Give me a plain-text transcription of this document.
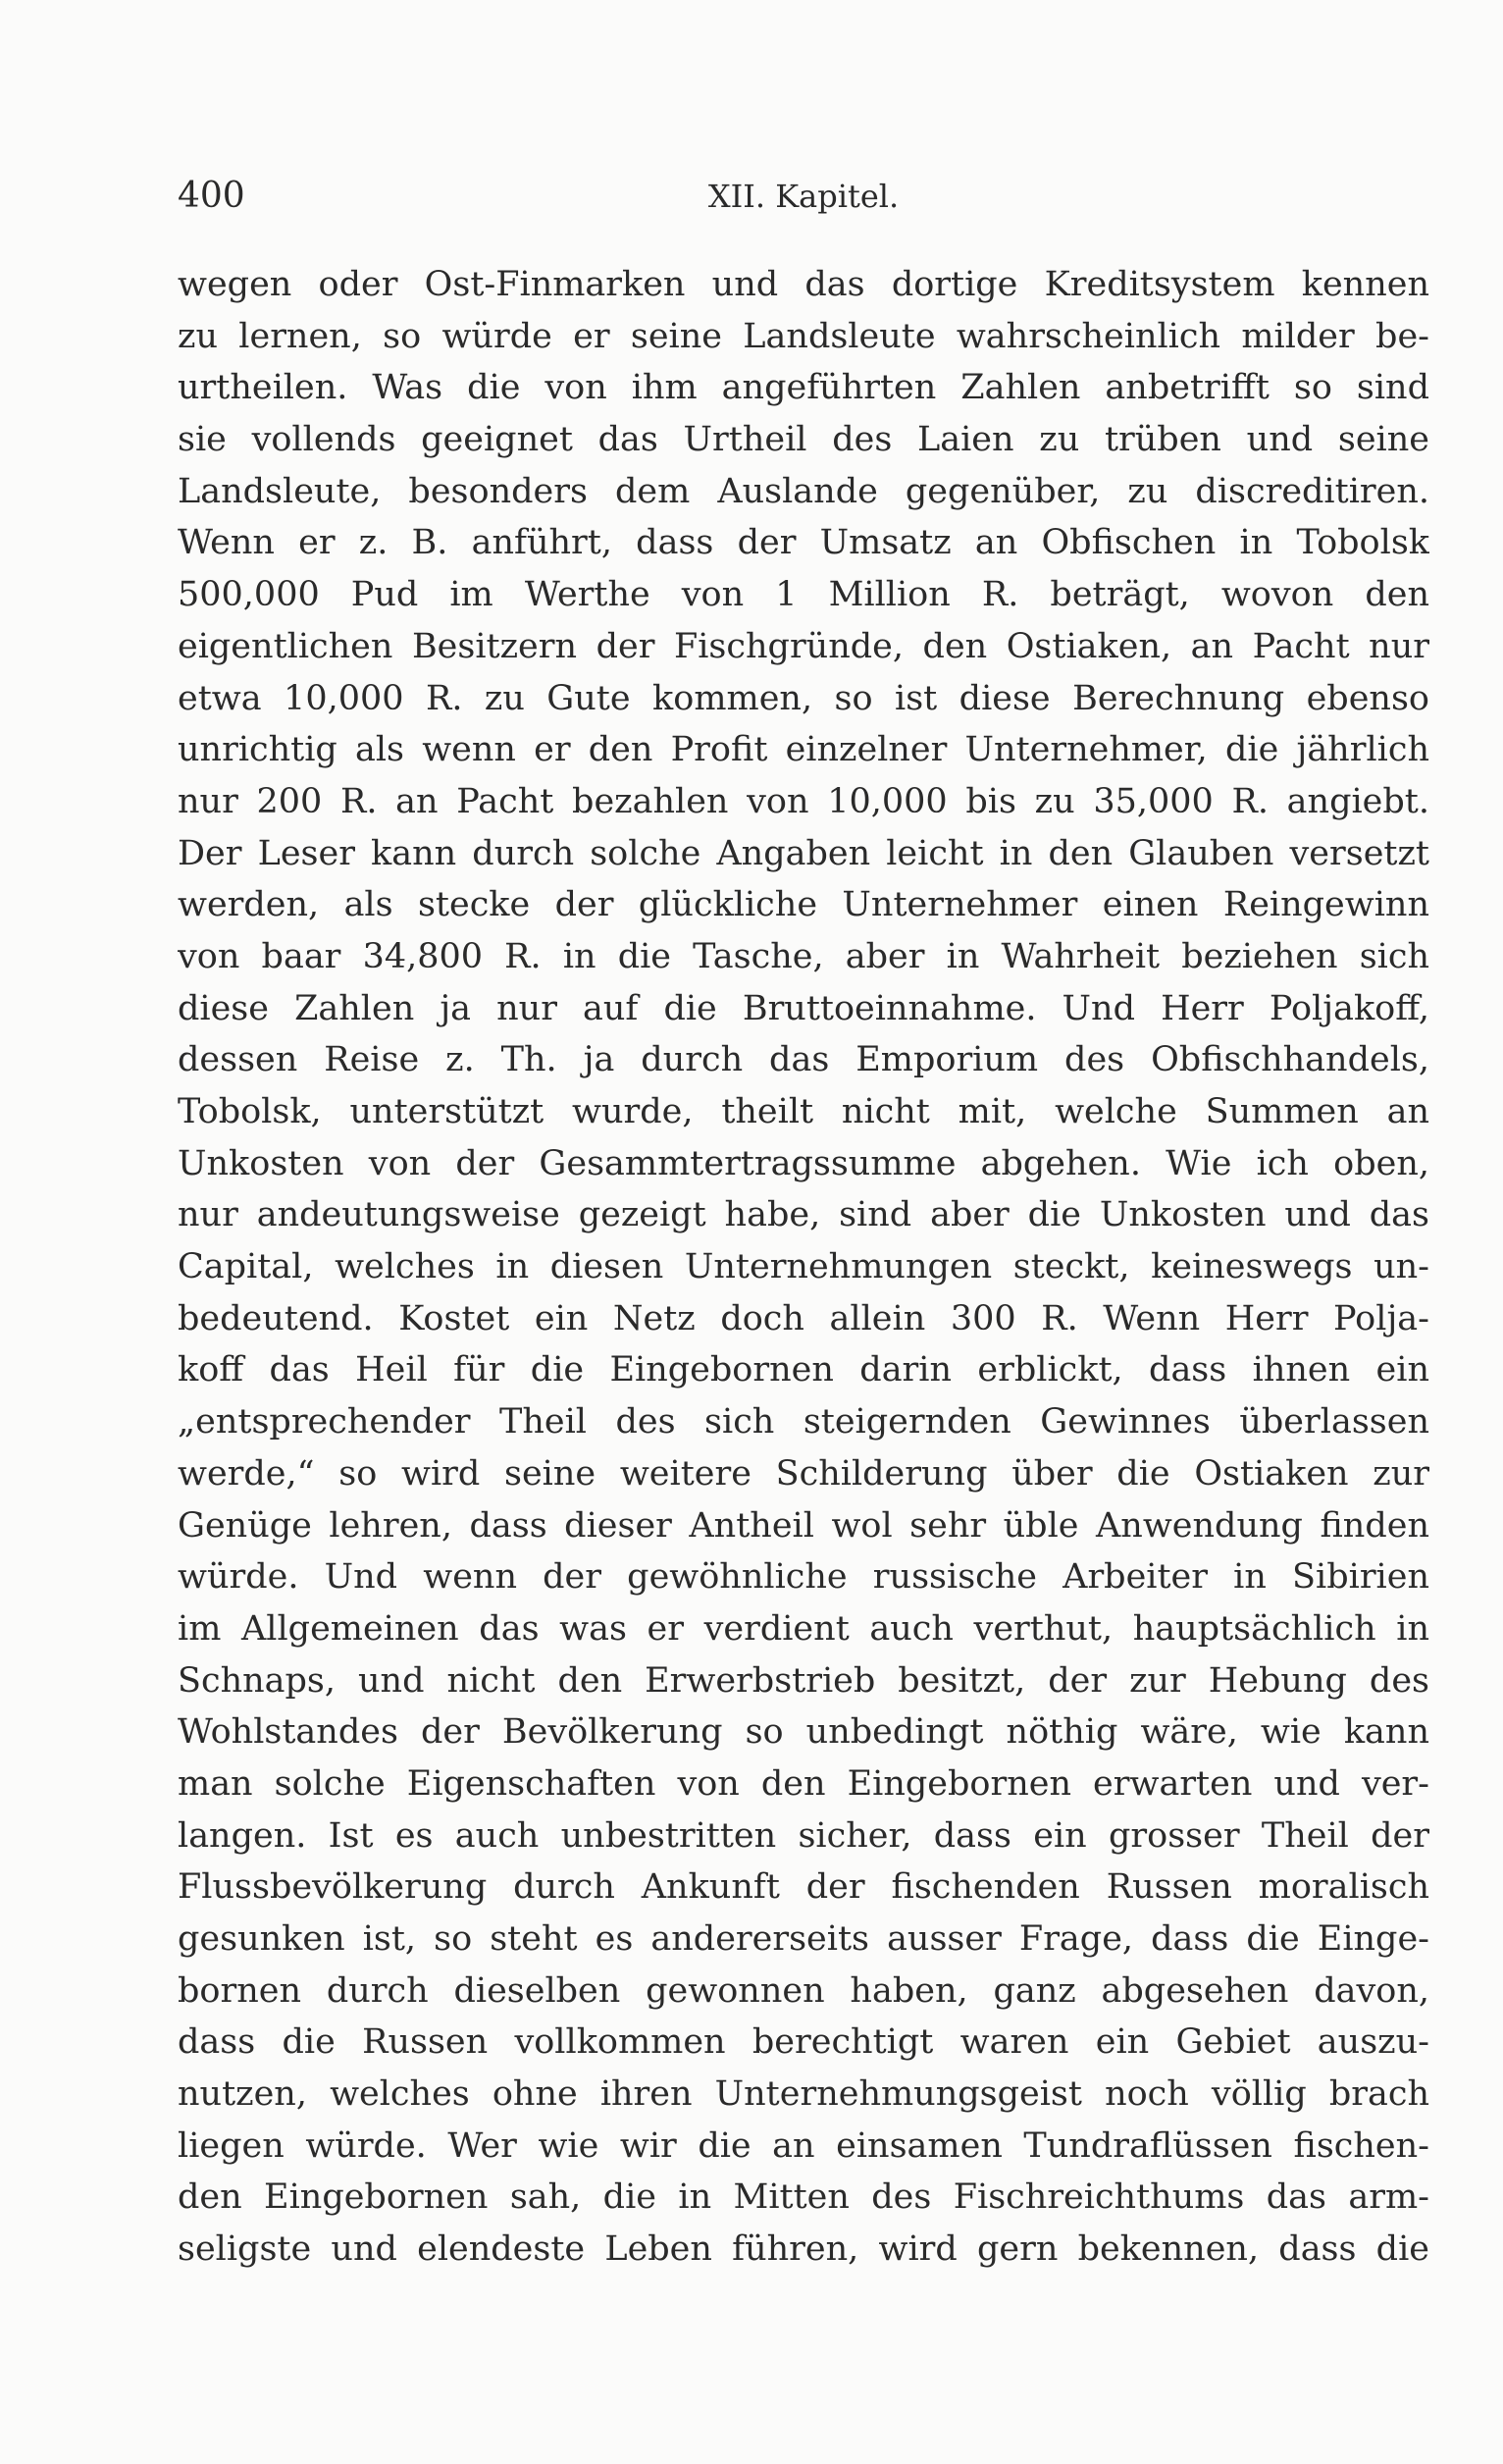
400	XII. Kapitel.
wegen oder Ost-Finmarken und das dortige Kreditsystem kennen
zu lernen, so würde er seine Landsleute wahrscheinlich milder be-
urtheilen. Was die von ihm angeführten Zahlen anbetrifft so sind
sie vollends geeignet das Urtheil des Laien zu trüben und seine
Landsleute, besonders dem Auslande gegenüber, zu discreditiren.
Wenn er z. B. anführt, dass der Umsatz an Obfischen in Tobolsk
500,000 Pud im Werthe von 1 Million R. beträgt, wovon den
eigentlichen Besitzern der Fischgründe, den Ostiaken, an Pacht nur
etwa 10,000 R. zu Gute kommen, so ist diese Berechnung ebenso
unrichtig als wenn er den Profit einzelner Unternehmer, die jährlich
nur 200 R. an Pacht bezahlen von 10,000 bis zu 35,000 R. angiebt.
Der Leser kann durch solche Angaben leicht in den Glauben versetzt
werden, als stecke der glückliche Unternehmer einen Reingewinn
von baar 34,800 R. in die Tasche, aber in Wahrheit beziehen sich
diese Zahlen ja nur auf die Bruttoeinnahme. Und Herr Poljakoff,
dessen Reise z. Th. ja durch das Emporium des Obfischhandels,
Tobolsk, unterstützt wurde, theilt nicht mit, welche Summen an
Unkosten von der Gesammtertragssumme abgehen. Wie ich oben,
nur andeutungsweise gezeigt habe, sind aber die Unkosten und das
Capital, welches in diesen Unternehmungen steckt, keineswegs un-
bedeutend. Kostet ein Netz doch allein 300 R. Wenn Herr Polja-
koff das Heil für die Eingebornen darin erblickt, dass ihnen ein
„entsprechender Theil des sich steigernden Gewinnes überlassen
werde,“ so wird seine weitere Schilderung über die Ostiaken zur
Genüge lehren, dass dieser Antheil wol sehr üble Anwendung finden
würde. Und wenn der gewöhnliche russische Arbeiter in Sibirien
im Allgemeinen das was er verdient auch verthut, hauptsächlich in
Schnaps, und nicht den Erwerbstrieb besitzt, der zur Hebung des
Wohlstandes der Bevölkerung so unbedingt nöthig wäre, wie kann
man solche Eigenschaften von den Eingebornen erwarten und ver-
langen. Ist es auch unbestritten sicher, dass ein grosser Theil der
Flussbevölkerung durch Ankunft der fischenden Russen moralisch
gesunken ist, so steht es andererseits ausser Frage, dass die Einge-
bornen durch dieselben gewonnen haben, ganz abgesehen davon,
dass die Russen vollkommen berechtigt waren ein Gebiet auszu-
nutzen, welches ohne ihren Unternehmungsgeist noch völlig brach
liegen würde. Wer wie wir die an einsamen Tundraflüssen fischen-
den Eingebornen sah, die in Mitten des Fischreichthums das arm-
seligste und elendeste Leben führen, wird gern bekennen, dass die
